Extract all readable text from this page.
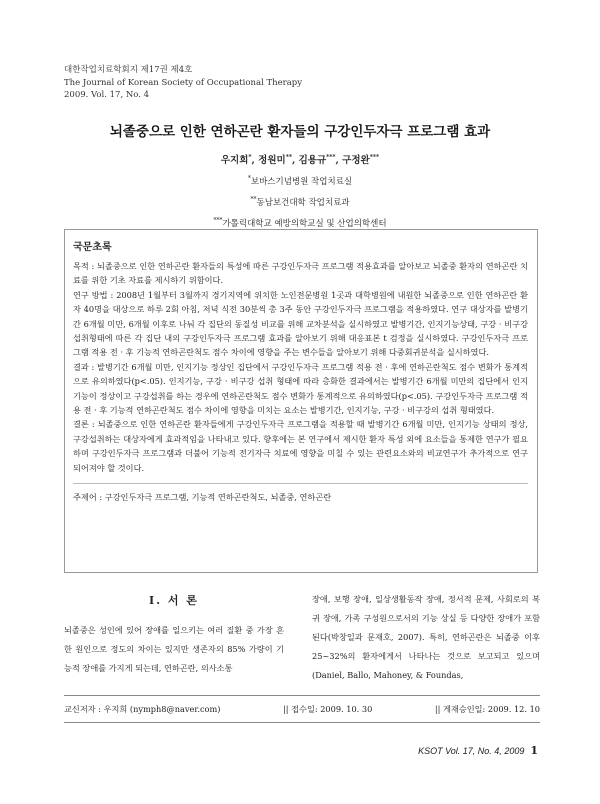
대한작업치료학회지 제17권 제4호
The Journal of Korean Society of Occupational Therapy
2009. Vol. 17, No. 4
뇌졸중으로 인한 연하곤란 환자들의 구강인두자극 프로그램 효과
우지희*, 정원미**, 김용규***, 구정완***
*보바스기념병원 작업치료실
**동남보건대학 작업치료과
***가톨릭대학교 예방의학교실 및 산업의학센터
국문초록
목적 : 뇌졸중으로 인한 연하곤란 환자들의 특성에 따른 구강인두자극 프로그램 적용효과를 알아보고 뇌졸중 환자의 연하곤란 치료를 위한 기초 자료를 제시하기 위함이다.
연구 방법 : 2008년 1월부터 3월까지 경기지역에 위치한 노인전문병원 1곳과 대학병원에 내원한 뇌졸중으로 인한 연하곤란 환자 40명을 대상으로 하루 2회 아침, 저녁 식전 30분씩 총 3주 동안 구강인두자극 프로그램을 적용하였다. 연구 대상자를 발병기간 6개월 미만, 6개월 이후로 나눠 각 집단의 동질성 비교를 위해 교차분석을 실시하였고 발병기간, 인지기능상태, 구강 · 비구강 섭취형태에 따른 각 집단 내의 구강인두자극 프로그램 효과를 알아보기 위해 대응표본 t 검정을 실시하였다. 구강인두자극 프로그램 적용 전 · 후 기능적 연하곤란척도 점수 차이에 영향을 주는 변수들을 알아보기 위해 다중회귀분석을 실시하였다.
결과 : 발병기간 6개월 미만, 인지기능 정상인 집단에서 구강인두자극 프로그램 적용 전 · 후에 연하곤란척도 점수 변화가 통계적으로 유의하였다(p<.05). 인지기능, 구강 · 비구강 섭취 형태에 따라 층화한 결과에서는 발병기간 6개월 미만의 집단에서 인지기능이 정상이고 구강섭취를 하는 경우에 연하곤란척도 점수 변화가 통계적으로 유의하였다(p<.05). 구강인두자극 프로그램 적용 전 · 후 기능적 연하곤란척도 점수 차이에 영향을 미치는 요소는 발병기간, 인지기능, 구강 · 비구강의 섭취 형태였다.
결론 : 뇌졸중으로 인한 연하곤란 환자들에게 구강인두자극 프로그램을 적용할 때 발병기간 6개월 미만, 인지기능 상태의 정상, 구강섭취하는 대상자에게 효과적임을 나타내고 있다. 향후에는 본 연구에서 제시한 환자 특성 외에 요소들을 통제한 연구가 필요하며 구강인두자극 프로그램과 더불어 기능적 전기자극 치료에 영향을 미칠 수 있는 관련요소와의 비교연구가 추가적으로 연구되어져야 할 것이다.
주제어 : 구강인두자극 프로그램, 기능적 연하곤란척도, 뇌졸중, 연하곤란
Ⅰ. 서 론
뇌졸중은 성인에 있어 장애를 일으키는 여러 질환 중 가장 흔한 원인으로 정도의 차이는 있지만 생존자의 85% 가량이 기능적 장애를 가지게 되는데, 연하곤란, 의사소통
장애, 보행 장애, 일상생활동작 장애, 정서적 문제, 사회로의 복귀 장애, 가족 구성원으로서의 기능 상실 등 다양한 장애가 포함된다(박창일과 문재호, 2007). 특히, 연하곤란은 뇌졸중 이후 25~32%의 환자에게서 나타나는 것으로 보고되고 있으며(Daniel, Ballo, Mahoney, & Foundas,
교신저자 : 우지희 (nymph8@naver.com)	|| 접수일: 2009. 10. 30	|| 게재승인일: 2009. 12. 10
KSOT Vol. 17, No. 4, 2009 1
